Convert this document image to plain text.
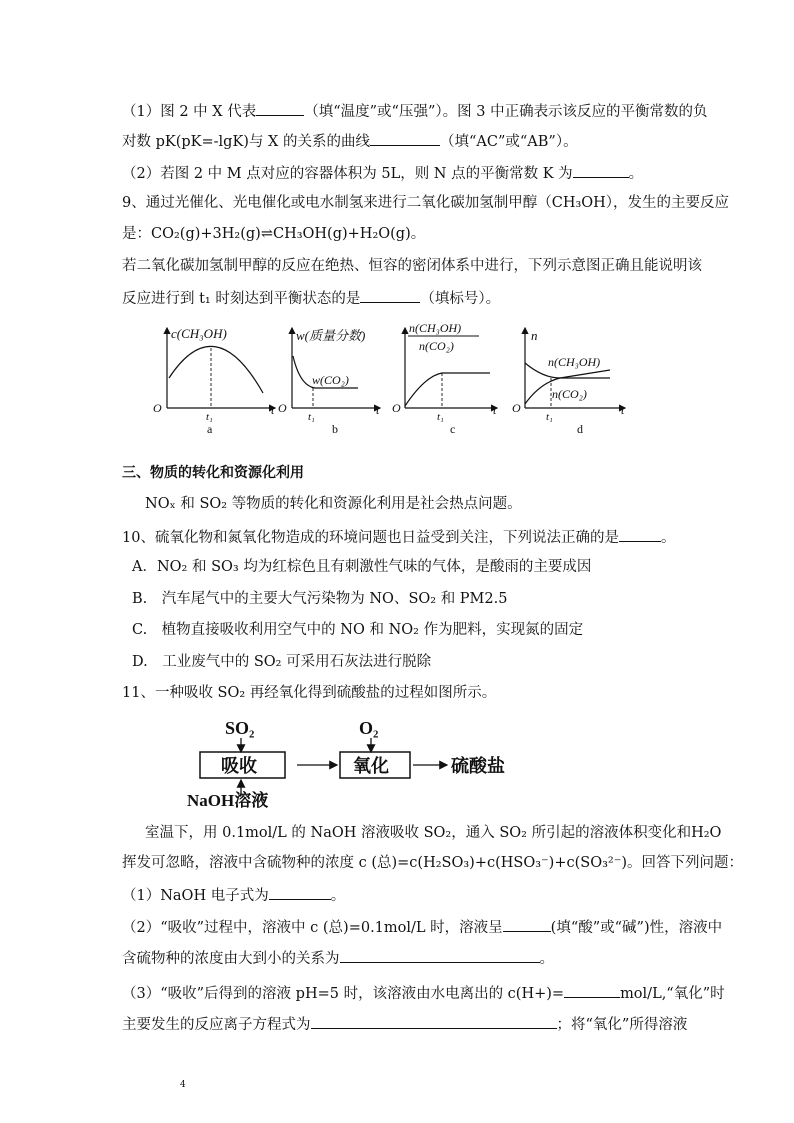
（1）图 2 中 X 代表	（填“温度”或“压强”）。图 3 中正确表示该反应的平衡常数的负
对数 pK(pK=-lgK)与 X 的关系的曲线	（填“AC”或“AB”）。
（2）若图 2 中 M 点对应的容器体积为 5L，则 N 点的平衡常数 K 为	。
9、通过光催化、光电催化或电水制氢来进行二氧化碳加氢制甲醇（CH₃OH），发生的主要反应
是：CO₂(g)+3H₂(g)⇌CH₃OH(g)+H₂O(g)。
若二氧化碳加氢制甲醇的反应在绝热、恒容的密闭体系中进行，下列示意图正确且能说明该
反应进行到 t₁ 时刻达到平衡状态的是	（填标号）。
c(CH₃OH)
O
t₁	t
a
w(质量分数)
w(CO₂)
O
t₁	t
b
n(CH₃OH)
n(CO₂)
O
t₁	t
c
n
n(CH₃OH)
n(CO₂)
O
t₁	t
d
三、物质的转化和资源化利用
NOₓ 和 SO₂ 等物质的转化和资源化利用是社会热点问题。
10、硫氧化物和氮氧化物造成的环境问题也日益受到关注，下列说法正确的是	。
A．NO₂ 和 SO₃ 均为红棕色且有刺激性气味的气体，是酸雨的主要成因
B.　汽车尾气中的主要大气污染物为 NO、SO₂ 和 PM2.5
C.　植物直接吸收利用空气中的 NO 和 NO₂ 作为肥料，实现氮的固定
D.　工业废气中的 SO₂ 可采用石灰法进行脱除
11、一种吸收 SO₂ 再经氧化得到硫酸盐的过程如图所示。
SO₂
吸收
NaOH溶液
O₂
氧化	硫酸盐
室温下，用 0.1mol/L 的 NaOH 溶液吸收 SO₂，通入 SO₂ 所引起的溶液体积变化和H₂O
挥发可忽略，溶液中含硫物种的浓度 c (总)=c(H₂SO₃)+c(HSO₃⁻)+c(SO₃²⁻)。回答下列问题：
（1）NaOH 电子式为	。
（2）“吸收”过程中，溶液中 c (总)=0.1mol/L 时，溶液呈	(填“酸”或“碱”)性，溶液中
含硫物种的浓度由大到小的关系为	。
（3）“吸收”后得到的溶液 pH=5 时，该溶液由水电离出的 c(H+)=	mol/L,“氧化”时
主要发生的反应离子方程式为	；将“氧化”所得溶液
4
